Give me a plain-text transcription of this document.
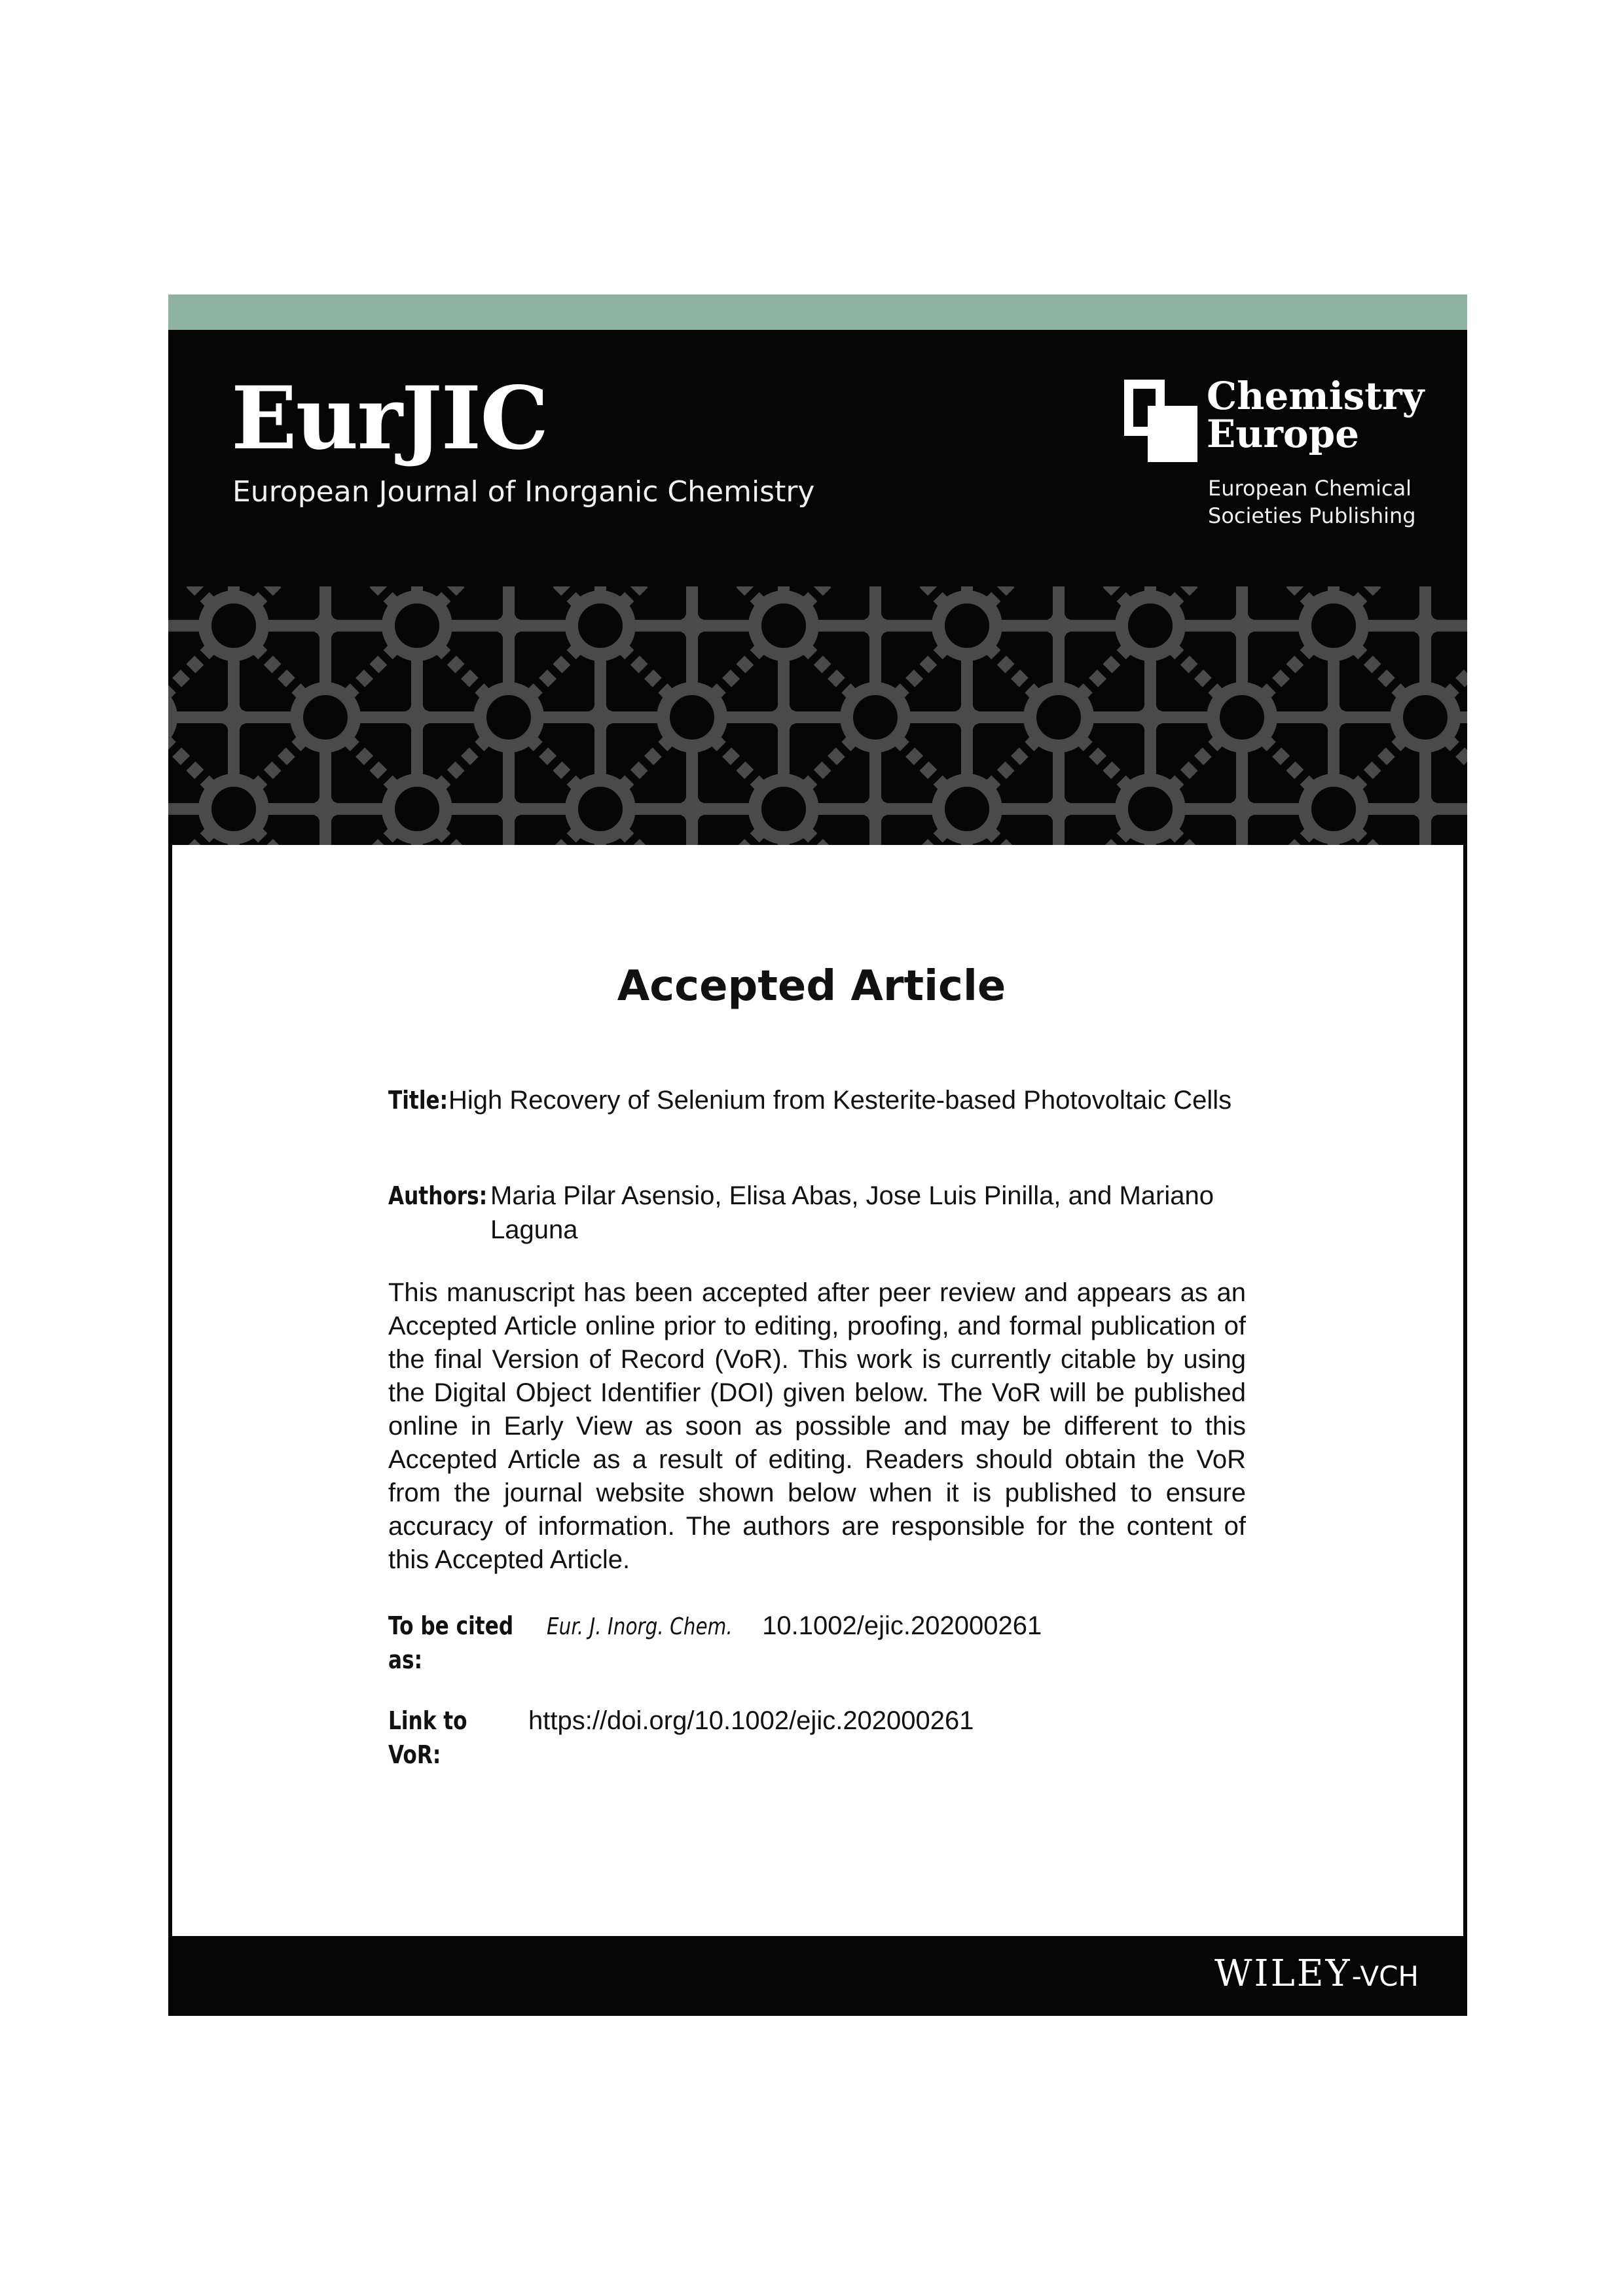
EurJIC
European Journal of Inorganic Chemistry
Chemistry
Europe
European Chemical
Societies Publishing
WILEY-VCH
Accepted Article
Title: High Recovery of Selenium from Kesterite-based Photovoltaic Cells
Authors: Maria Pilar Asensio, Elisa Abas, Jose Luis Pinilla, and Mariano Laguna
This manuscript has been accepted after peer review and appears as an Accepted Article online prior to editing, proofing, and formal publication of the final Version of Record (VoR). This work is currently citable by using the Digital Object Identifier (DOI) given below. The VoR will be published online in Early View as soon as possible and may be different to this Accepted Article as a result of editing. Readers should obtain the VoR from the journal website shown below when it is published to ensure accuracy of information. The authors are responsible for the content of this Accepted Article.
To be cited as:
Eur. J. Inorg. Chem. 10.1002/ejic.202000261
Link to VoR:
https://doi.org/10.1002/ejic.202000261
